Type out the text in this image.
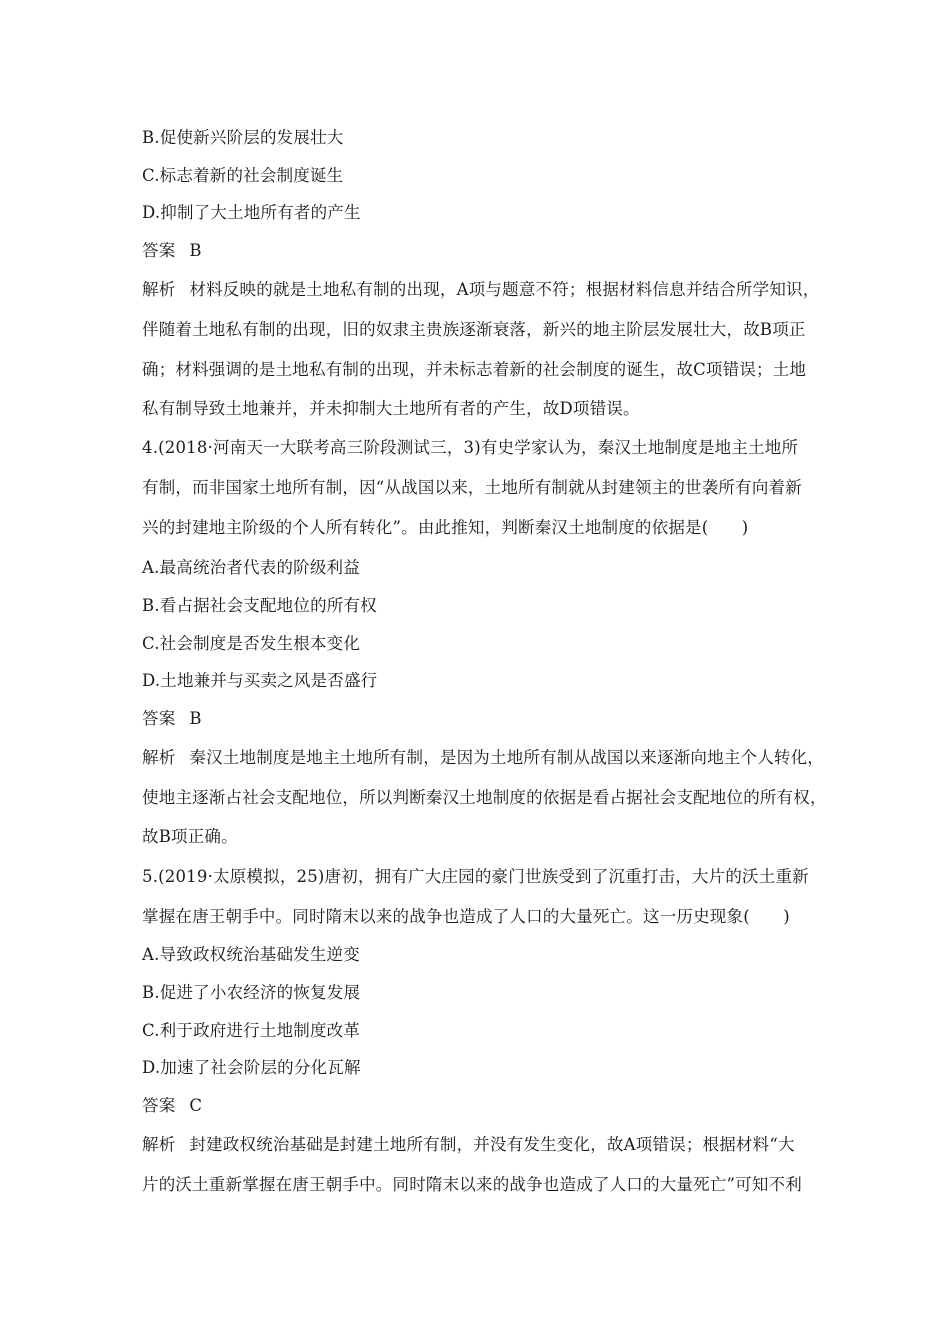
B.促使新兴阶层的发展壮大
C.标志着新的社会制度诞生
D.抑制了大土地所有者的产生
答案 B
解析 材料反映的就是土地私有制的出现，A项与题意不符；根据材料信息并结合所学知识，
伴随着土地私有制的出现，旧的奴隶主贵族逐渐衰落，新兴的地主阶层发展壮大，故B项正
确；材料强调的是土地私有制的出现，并未标志着新的社会制度的诞生，故C项错误；土地
私有制导致土地兼并，并未抑制大土地所有者的产生，故D项错误。
4.(2018·河南天一大联考高三阶段测试三，3)有史学家认为，秦汉土地制度是地主土地所
有制，而非国家土地所有制，因“从战国以来，土地所有制就从封建领主的世袭所有向着新
兴的封建地主阶级的个人所有转化”。由此推知，判断秦汉土地制度的依据是(　　)
A.最高统治者代表的阶级利益
B.看占据社会支配地位的所有权
C.社会制度是否发生根本变化
D.土地兼并与买卖之风是否盛行
答案 B
解析 秦汉土地制度是地主土地所有制，是因为土地所有制从战国以来逐渐向地主个人转化，
使地主逐渐占社会支配地位，所以判断秦汉土地制度的依据是看占据社会支配地位的所有权，
故B项正确。
5.(2019·太原模拟，25)唐初，拥有广大庄园的豪门世族受到了沉重打击，大片的沃土重新
掌握在唐王朝手中。同时隋末以来的战争也造成了人口的大量死亡。这一历史现象(　　)
A.导致政权统治基础发生逆变
B.促进了小农经济的恢复发展
C.利于政府进行土地制度改革
D.加速了社会阶层的分化瓦解
答案 C
解析 封建政权统治基础是封建土地所有制，并没有发生变化，故A项错误；根据材料“大
片的沃土重新掌握在唐王朝手中。同时隋末以来的战争也造成了人口的大量死亡”可知不利
